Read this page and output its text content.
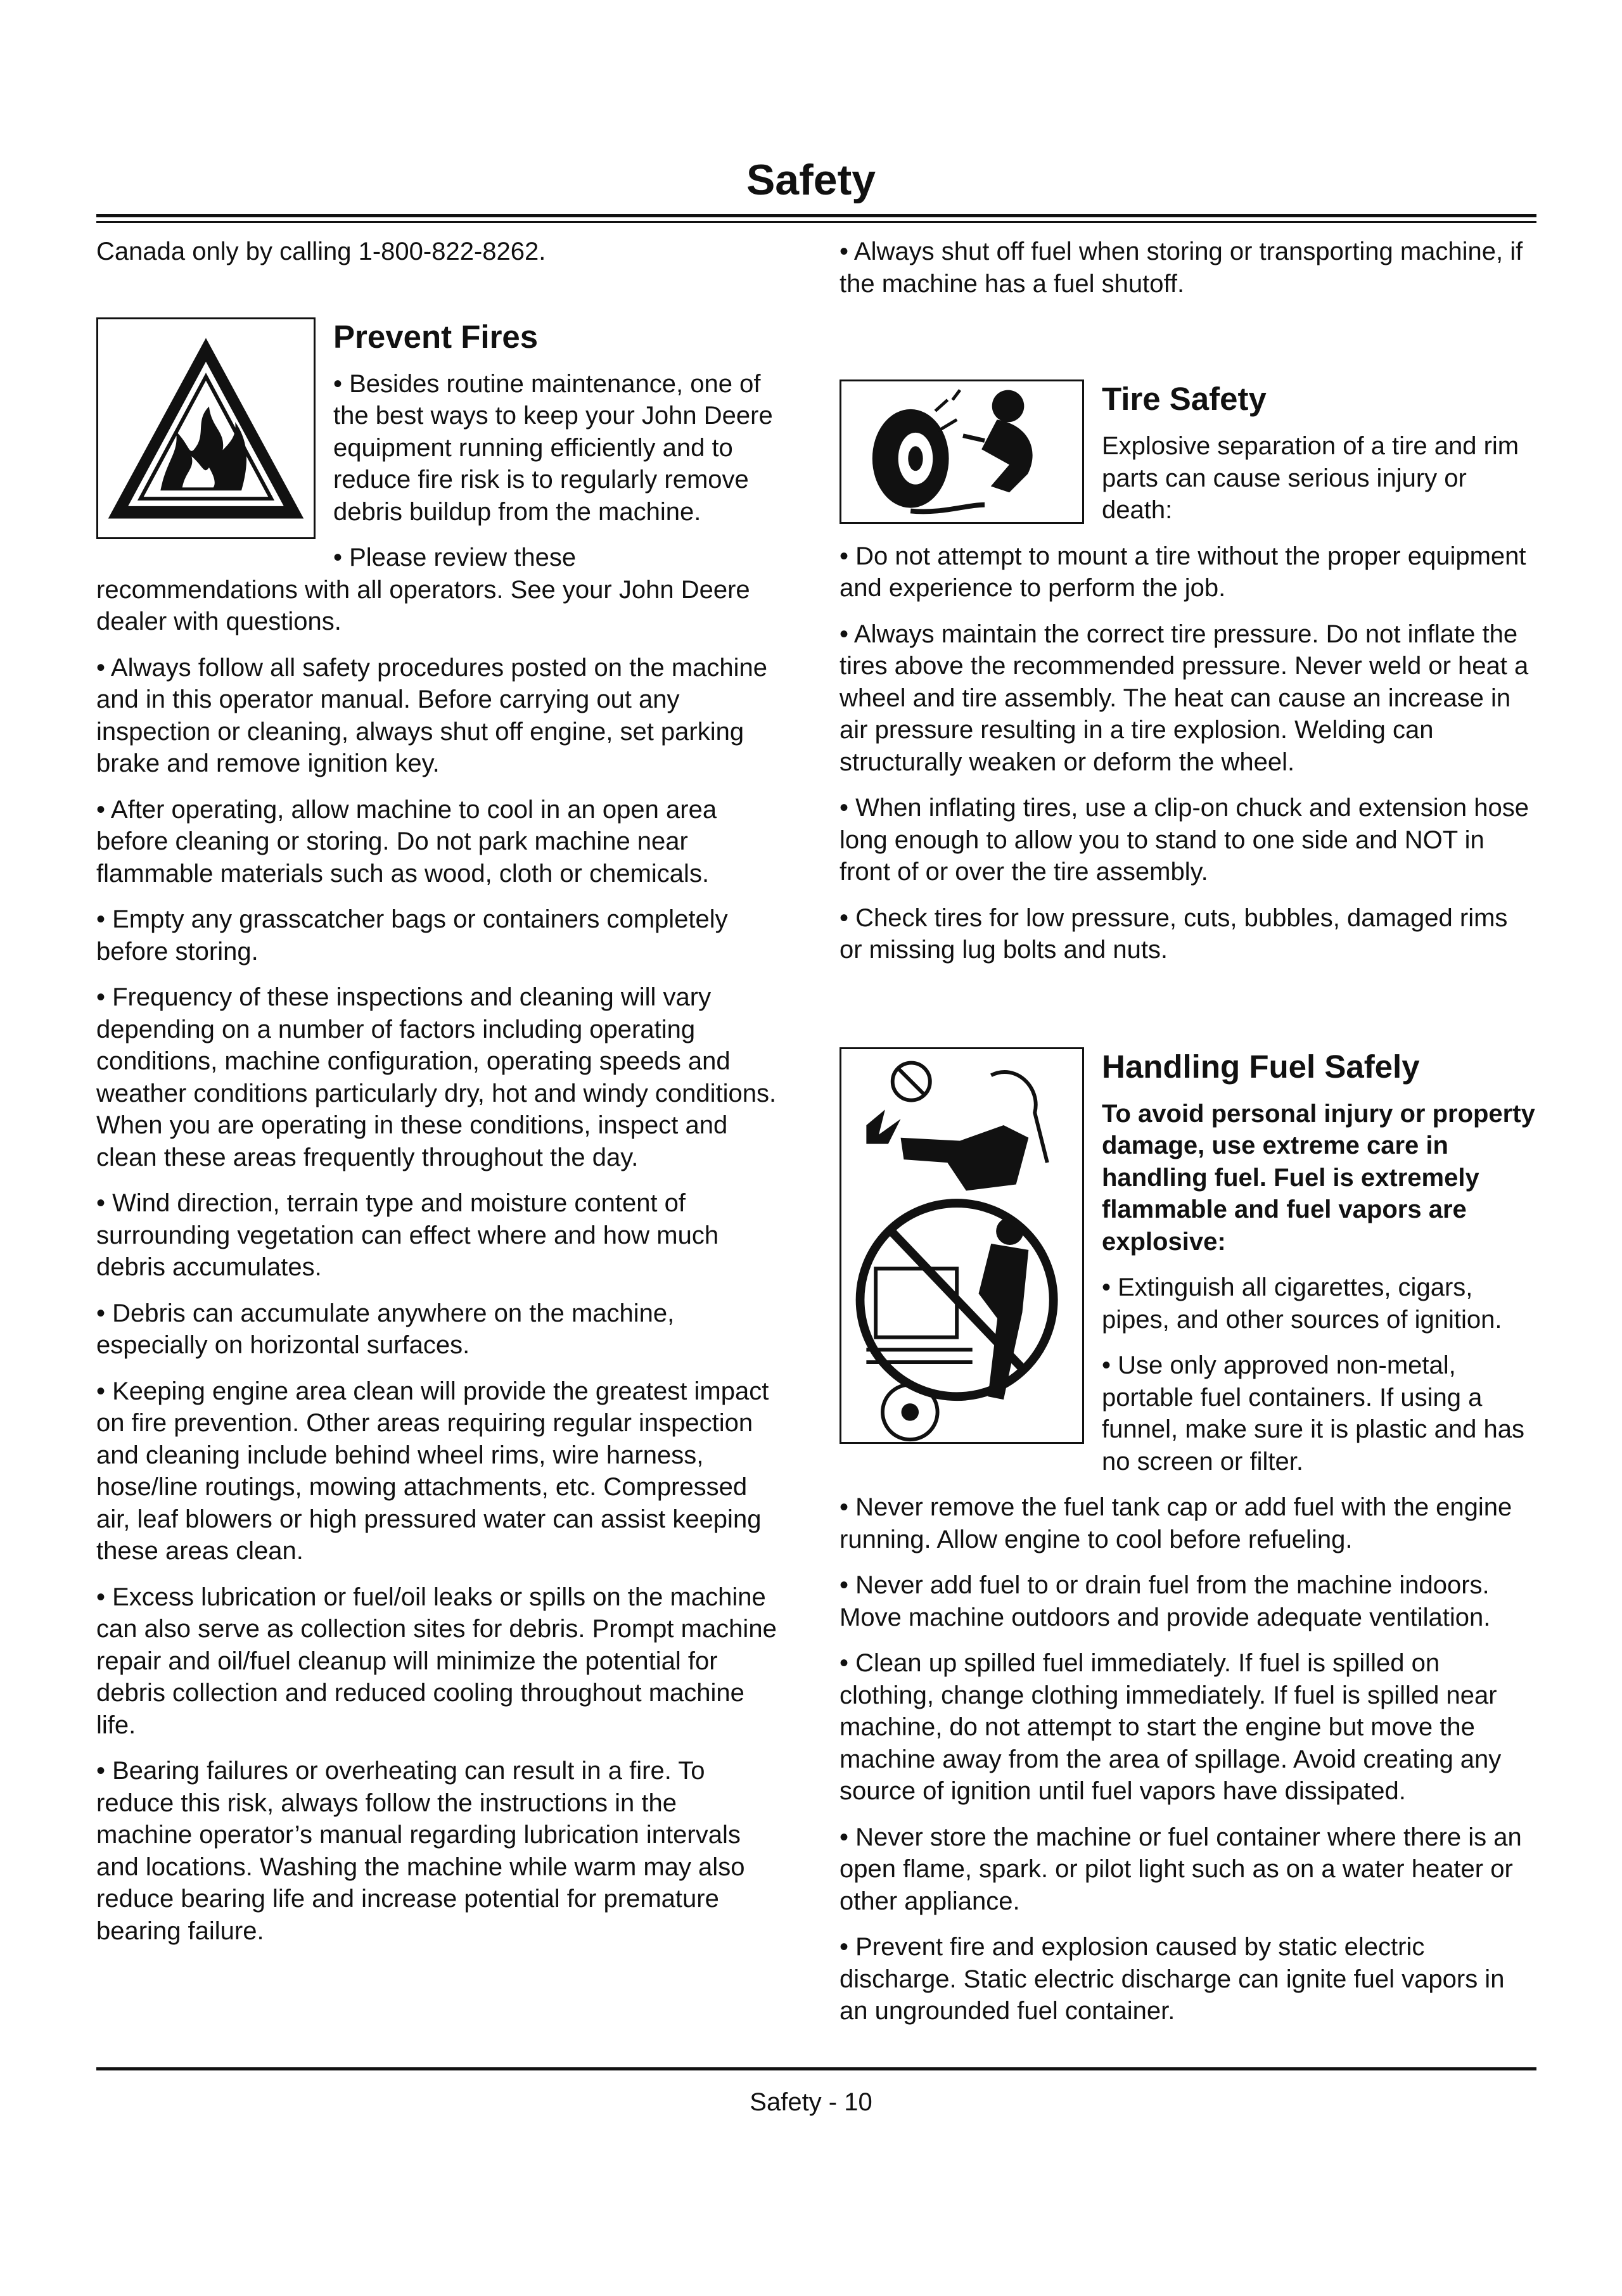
Safety

Canada only by calling 1-800-822-8262.

Prevent Fires

• Besides routine maintenance, one of the best ways to keep your John Deere equipment running efficiently and to reduce fire risk is to regularly remove debris buildup from the machine.

• Please review these recommendations with all operators. See your John Deere dealer with questions.

• Always follow all safety procedures posted on the machine and in this operator manual. Before carrying out any inspection or cleaning, always shut off engine, set parking brake and remove ignition key.

• After operating, allow machine to cool in an open area before cleaning or storing. Do not park machine near flammable materials such as wood, cloth or chemicals.

• Empty any grasscatcher bags or containers completely before storing.

• Frequency of these inspections and cleaning will vary depending on a number of factors including operating conditions, machine configuration, operating speeds and weather conditions particularly dry, hot and windy conditions. When you are operating in these conditions, inspect and clean these areas frequently throughout the day.

• Wind direction, terrain type and moisture content of surrounding vegetation can effect where and how much debris accumulates.

• Debris can accumulate anywhere on the machine, especially on horizontal surfaces.

• Keeping engine area clean will provide the greatest impact on fire prevention. Other areas requiring regular inspection and cleaning include behind wheel rims, wire harness, hose/line routings, mowing attachments, etc. Compressed air, leaf blowers or high pressured water can assist keeping these areas clean.

• Excess lubrication or fuel/oil leaks or spills on the machine can also serve as collection sites for debris. Prompt machine repair and oil/fuel cleanup will minimize the potential for debris collection and reduced cooling throughout machine life.

• Bearing failures or overheating can result in a fire. To reduce this risk, always follow the instructions in the machine operator’s manual regarding lubrication intervals and locations. Washing the machine while warm may also reduce bearing life and increase potential for premature bearing failure.

• Always shut off fuel when storing or transporting machine, if the machine has a fuel shutoff.

Tire Safety

Explosive separation of a tire and rim parts can cause serious injury or death:

• Do not attempt to mount a tire without the proper equipment and experience to perform the job.

• Always maintain the correct tire pressure. Do not inflate the tires above the recommended pressure. Never weld or heat a wheel and tire assembly. The heat can cause an increase in air pressure resulting in a tire explosion. Welding can structurally weaken or deform the wheel.

• When inflating tires, use a clip-on chuck and extension hose long enough to allow you to stand to one side and NOT in front of or over the tire assembly.

• Check tires for low pressure, cuts, bubbles, damaged rims or missing lug bolts and nuts.

Handling Fuel Safely

To avoid personal injury or property damage, use extreme care in handling fuel. Fuel is extremely flammable and fuel vapors are explosive:

• Extinguish all cigarettes, cigars, pipes, and other sources of ignition.

• Use only approved non-metal, portable fuel containers. If using a funnel, make sure it is plastic and has no screen or filter.

• Never remove the fuel tank cap or add fuel with the engine running. Allow engine to cool before refueling.

• Never add fuel to or drain fuel from the machine indoors. Move machine outdoors and provide adequate ventilation.

• Clean up spilled fuel immediately. If fuel is spilled on clothing, change clothing immediately. If fuel is spilled near machine, do not attempt to start the engine but move the machine away from the area of spillage. Avoid creating any source of ignition until fuel vapors have dissipated.

• Never store the machine or fuel container where there is an open flame, spark. or pilot light such as on a water heater or other appliance.

• Prevent fire and explosion caused by static electric discharge. Static electric discharge can ignite fuel vapors in an ungrounded fuel container.

Safety - 10
